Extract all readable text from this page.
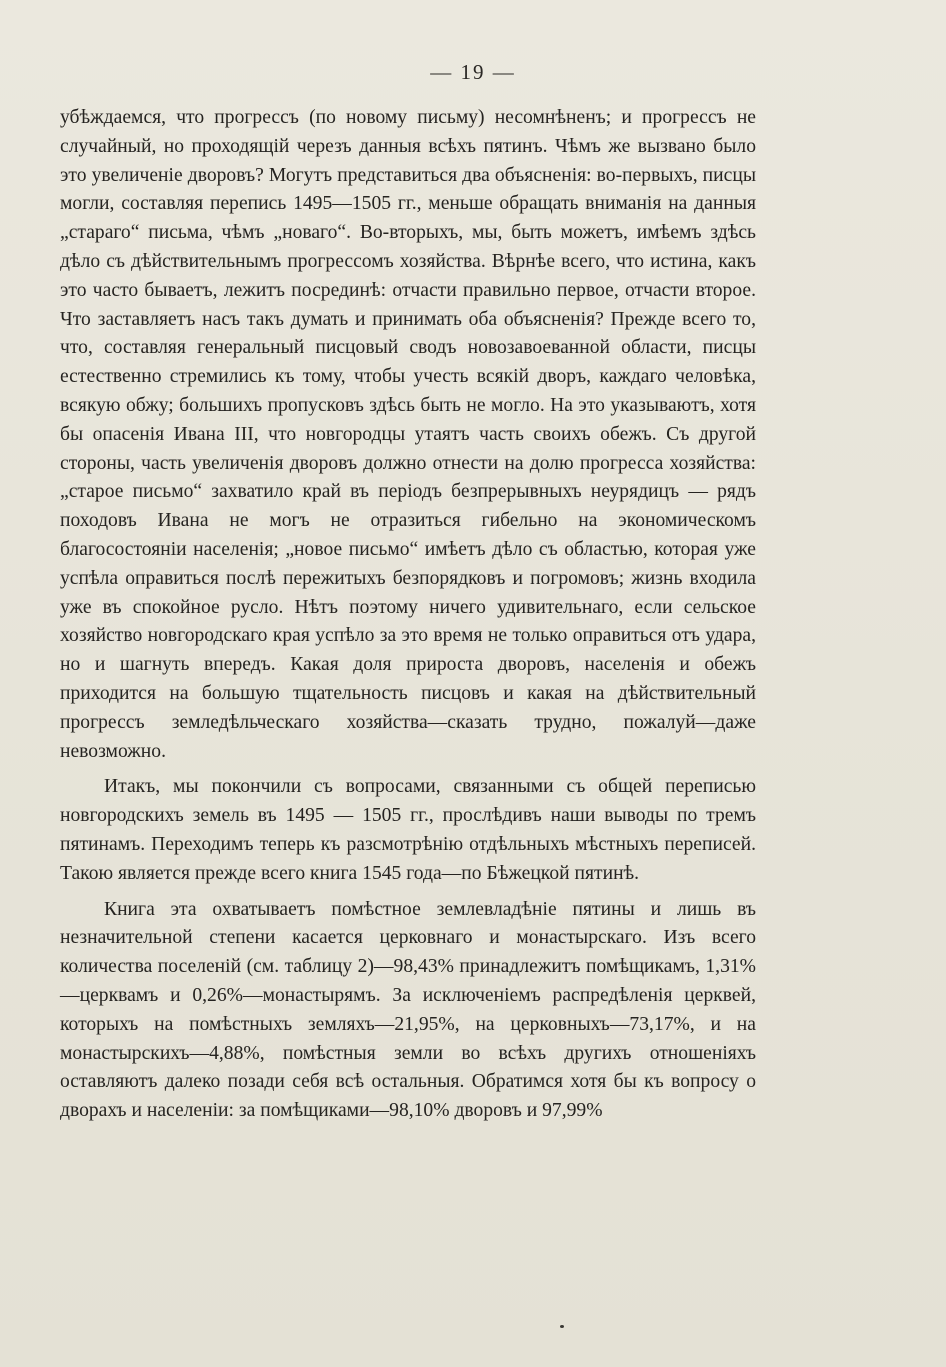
— 19 —

убѣждаемся, что прогрессъ (по новому письму) несомнѣненъ; и прогрессъ не случайный, но проходящій черезъ данныя всѣхъ пятинъ. Чѣмъ же вызвано было это увеличеніе дворовъ? Могутъ представиться два объясненія: во-первыхъ, писцы могли, составляя перепись 1495—1505 гг., меньше обращать вниманія на данныя „стараго“ письма, чѣмъ „новаго“. Во-вторыхъ, мы, быть можетъ, имѣемъ здѣсь дѣло съ дѣйствительнымъ прогрессомъ хозяйства. Вѣрнѣе всего, что истина, какъ это часто бываетъ, лежитъ посрединѣ: отчасти правильно первое, отчасти второе. Что заставляетъ насъ такъ думать и принимать оба объясненія? Прежде всего то, что, составляя генеральный писцовый сводъ новозавоеванной области, писцы естественно стремились къ тому, чтобы учесть всякій дворъ, каждаго человѣка, всякую обжу; большихъ пропусковъ здѣсь быть не могло. На это указываютъ, хотя бы опасенія Ивана III, что новгородцы утаятъ часть своихъ обежъ. Съ другой стороны, часть увеличенія дворовъ должно отнести на долю прогресса хозяйства: „старое письмо“ захватило край въ періодъ безпрерывныхъ неурядицъ — рядъ походовъ Ивана не могъ не отразиться гибельно на экономическомъ благосостояніи населенія; „новое письмо“ имѣетъ дѣло съ областью, которая уже успѣла оправиться послѣ пережитыхъ безпорядковъ и погромовъ; жизнь входила уже въ спокойное русло. Нѣтъ поэтому ничего удивительнаго, если сельское хозяйство новгородскаго края успѣло за это время не только оправиться отъ удара, но и шагнуть впередъ. Какая доля прироста дворовъ, населенія и обежъ приходится на большую тщательность писцовъ и какая на дѣйствительный прогрессъ земледѣльческаго хозяйства—сказать трудно, пожалуй—даже невозможно.

Итакъ, мы покончили съ вопросами, связанными съ общей переписью новгородскихъ земель въ 1495 — 1505 гг., прослѣдивъ наши выводы по тремъ пятинамъ. Переходимъ теперь къ разсмотрѣнію отдѣльныхъ мѣстныхъ переписей. Такою является прежде всего книга 1545 года—по Бѣжецкой пятинѣ.

Книга эта охватываетъ помѣстное землевладѣніе пятины и лишь въ незначительной степени касается церковнаго и монастырскаго. Изъ всего количества поселеній (см. таблицу 2)—98,43% принадлежитъ помѣщикамъ, 1,31%—церквамъ и 0,26%—монастырямъ. За исключеніемъ распредѣленія церквей, которыхъ на помѣстныхъ земляхъ—21,95%, на церковныхъ—73,17%, и на монастырскихъ—4,88%, помѣстныя земли во всѣхъ другихъ отношеніяхъ оставляютъ далеко позади себя всѣ остальныя. Обратимся хотя бы къ вопросу о дворахъ и населеніи: за помѣщиками—98,10% дворовъ и 97,99%
